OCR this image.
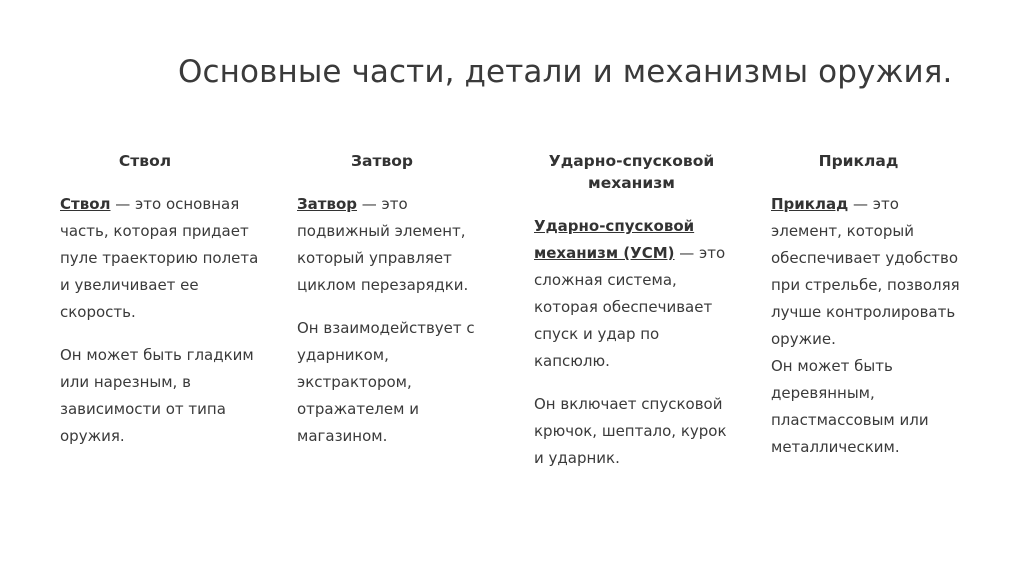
Основные части, детали и механизмы оружия.
Ствол

Ствол — это основная часть, которая придает пуле траекторию полета и увеличивает ее скорость.

Он может быть гладким или нарезным, в зависимости от типа оружия.

Затвор

Затвор — это подвижный элемент, который управляет циклом перезарядки.

Он взаимодействует с ударником, экстрактором, отражателем и магазином.

Ударно-спусковой механизм

Ударно-спусковой механизм (УСМ) — это сложная система, которая обеспечивает спуск и удар по капсюлю.

Он включает спусковой крючок, шептало, курок и ударник.

Приклад

Приклад — это элемент, который обеспечивает удобство при стрельбе, позволяя лучше контролировать оружие.

Он может быть деревянным, пластмассовым или металлическим.
